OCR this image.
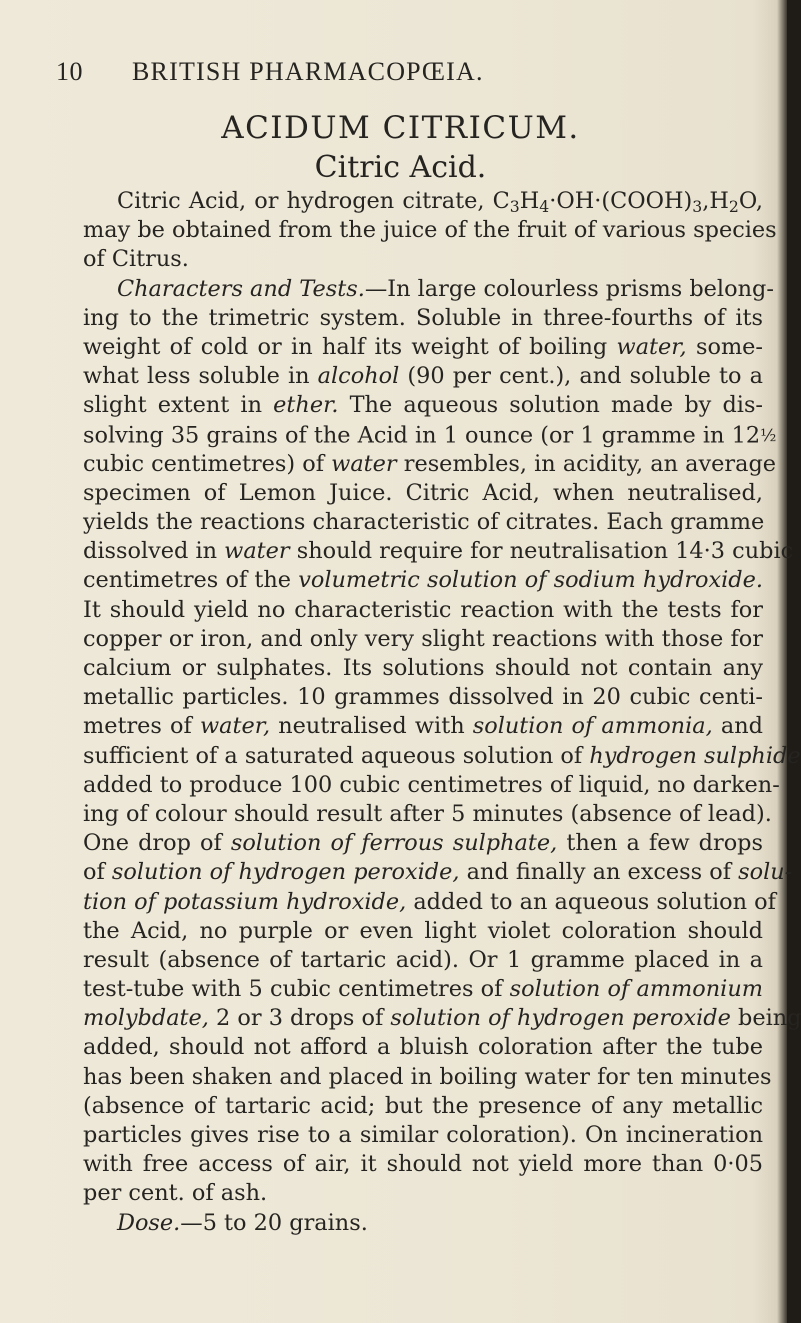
10 BRITISH PHARMACOPŒIA.
ACIDUM CITRICUM.
Citric Acid.
Citric Acid, or hydrogen citrate, $C_3H_4\cdot OH\cdot(COOH)_3,H_2O$,
may be obtained from the juice of the fruit of various species
of Citrus.
Characters and Tests.—In large colourless prisms belong-
ing to the trimetric system. Soluble in three-fourths of its
weight of cold or in half its weight of boiling water, some-
what less soluble in alcohol (90 per cent.), and soluble to a
slight extent in ether. The aqueous solution made by dis-
solving 35 grains of the Acid in 1 ounce (or 1 gramme in 12½
cubic centimetres) of water resembles, in acidity, an average
specimen of Lemon Juice. Citric Acid, when neutralised,
yields the reactions characteristic of citrates. Each gramme
dissolved in water should require for neutralisation 14·3 cubic
centimetres of the volumetric solution of sodium hydroxide.
It should yield no characteristic reaction with the tests for
copper or iron, and only very slight reactions with those for
calcium or sulphates. Its solutions should not contain any
metallic particles. 10 grammes dissolved in 20 cubic centi-
metres of water, neutralised with solution of ammonia, and
sufficient of a saturated aqueous solution of hydrogen sulphide
added to produce 100 cubic centimetres of liquid, no darken-
ing of colour should result after 5 minutes (absence of lead).
One drop of solution of ferrous sulphate, then a few drops
of solution of hydrogen peroxide, and finally an excess of solu-
tion of potassium hydroxide, added to an aqueous solution of
the Acid, no purple or even light violet coloration should
result (absence of tartaric acid). Or 1 gramme placed in a
test-tube with 5 cubic centimetres of solution of ammonium
molybdate, 2 or 3 drops of solution of hydrogen peroxide being
added, should not afford a bluish coloration after the tube
has been shaken and placed in boiling water for ten minutes
(absence of tartaric acid; but the presence of any metallic
particles gives rise to a similar coloration). On incineration
with free access of air, it should not yield more than 0·05
per cent. of ash.
Dose.—5 to 20 grains.
